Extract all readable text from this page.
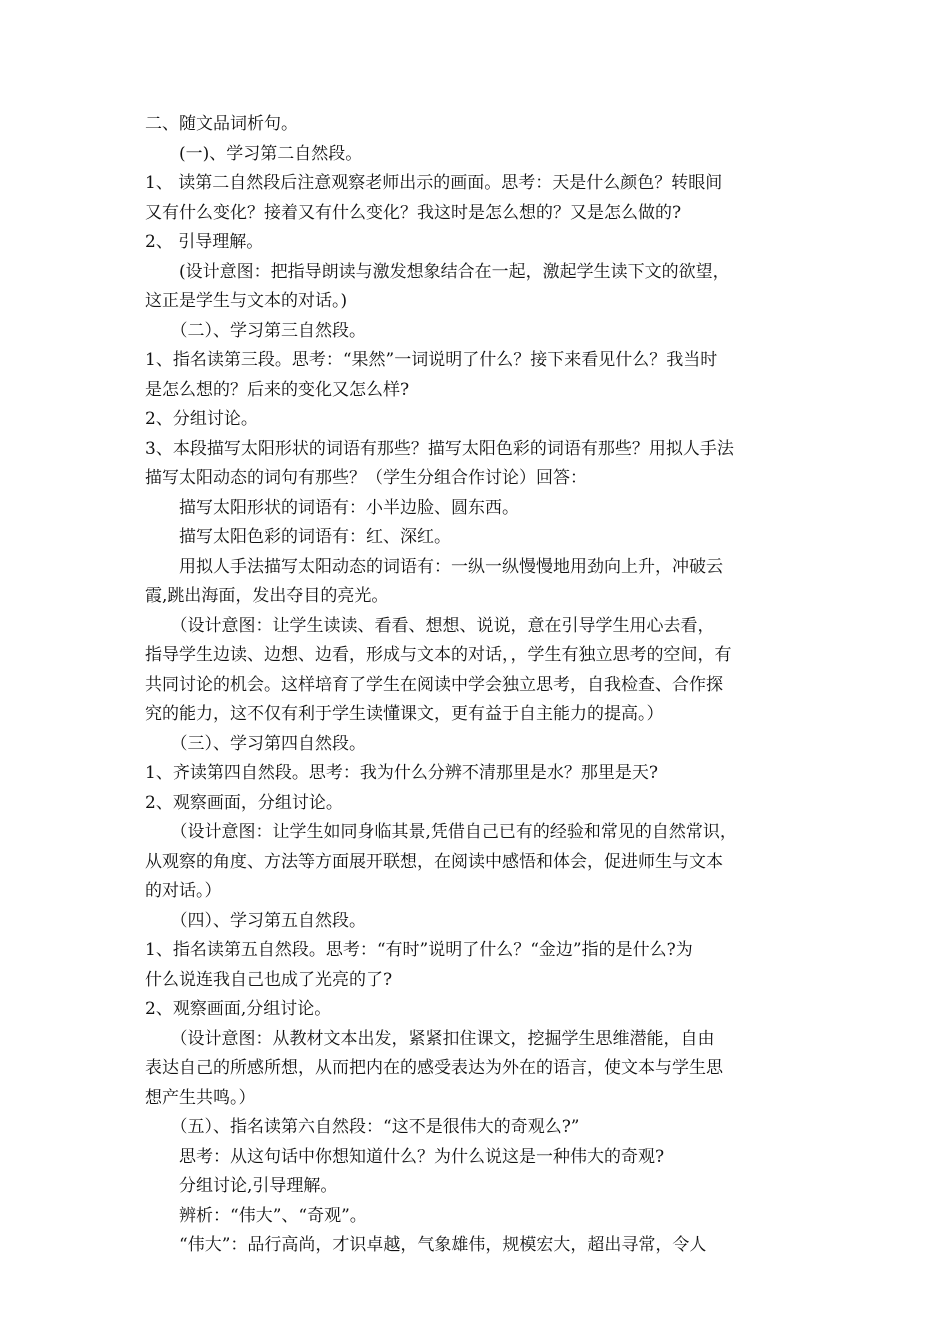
二、随文品词析句。
　　(一)、学习第二自然段。
1、 读第二自然段后注意观察老师出示的画面。思考：天是什么颜色？转眼间
又有什么变化？接着又有什么变化？我这时是怎么想的？又是怎么做的?
2、 引导理解。
　　(设计意图：把指导朗读与激发想象结合在一起，激起学生读下文的欲望，
这正是学生与文本的对话。)
　　（二）、学习第三自然段。
1、指名读第三段。思考：“果然”一词说明了什么？接下来看见什么？我当时
是怎么想的？后来的变化又怎么样?
2、分组讨论。
3、本段描写太阳形状的词语有那些？描写太阳色彩的词语有那些？用拟人手法
描写太阳动态的词句有那些？（学生分组合作讨论）回答：
　　描写太阳形状的词语有：小半边脸、圆东西。
　　描写太阳色彩的词语有：红、深红。
　　用拟人手法描写太阳动态的词语有：一纵一纵慢慢地用劲向上升，冲破云
霞,跳出海面，发出夺目的亮光。
　　（设计意图：让学生读读、看看、想想、说说，意在引导学生用心去看，
指导学生边读、边想、边看，形成与文本的对话，，学生有独立思考的空间，有
共同讨论的机会。这样培育了学生在阅读中学会独立思考，自我检查、合作探
究的能力，这不仅有利于学生读懂课文，更有益于自主能力的提高。）
　　（三）、学习第四自然段。
1、齐读第四自然段。思考：我为什么分辨不清那里是水？那里是天?
2、观察画面，分组讨论。
　　（设计意图：让学生如同身临其景,凭借自己已有的经验和常见的自然常识，
从观察的角度、方法等方面展开联想，在阅读中感悟和体会，促进师生与文本
的对话。）
　　（四）、学习第五自然段。
1、指名读第五自然段。思考：“有时”说明了什么？“金边”指的是什么?为
什么说连我自己也成了光亮的了?
2、观察画面,分组讨论。
　　（设计意图：从教材文本出发，紧紧扣住课文，挖掘学生思维潜能，自由
表达自己的所感所想，从而把内在的感受表达为外在的语言，使文本与学生思
想产生共鸣。）
　　（五）、指名读第六自然段：“这不是很伟大的奇观么?”
　　思考：从这句话中你想知道什么？为什么说这是一种伟大的奇观?
　　分组讨论,引导理解。
　　辨析：“伟大”、“奇观”。
　　“伟大”：品行高尚，才识卓越，气象雄伟，规模宏大，超出寻常，令人
